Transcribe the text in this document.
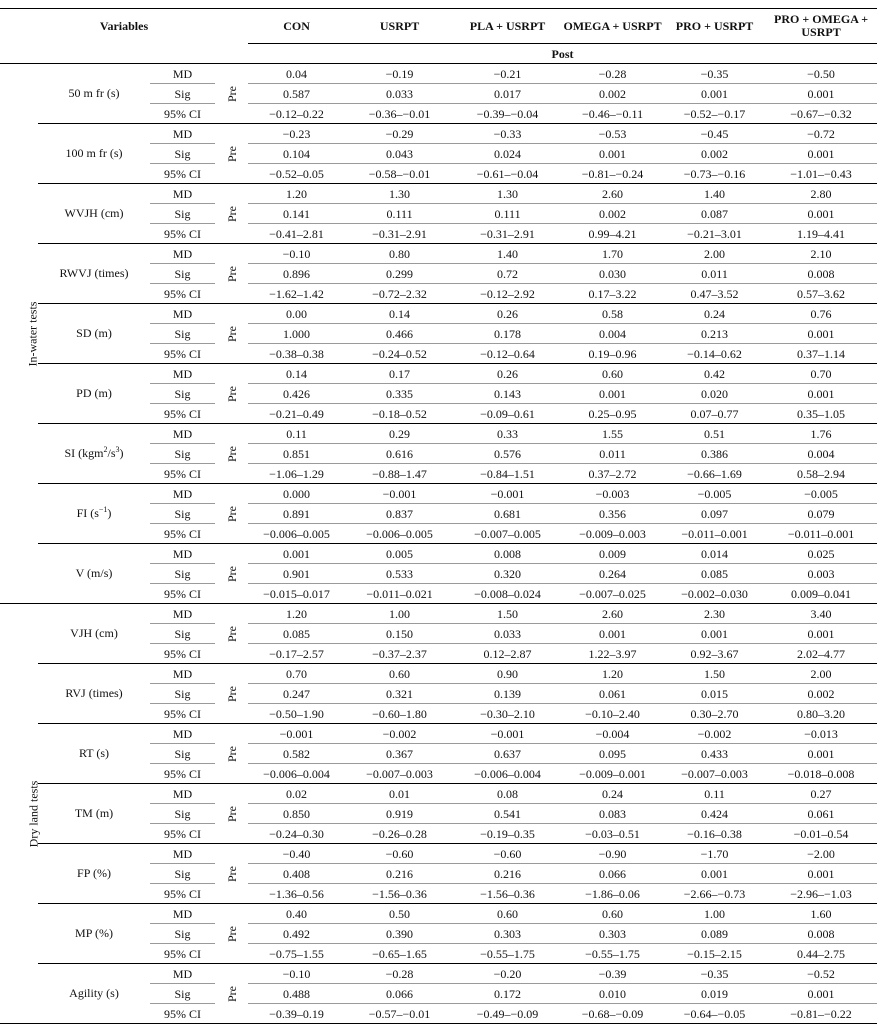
Variables				CON	USRPT	PLA + USRPT	OMEGA + USRPT	PRO + USRPT	PRO + OMEGA + USRPT
				Post					
In-water tests	50 m fr (s)	MD	Pre	0.04	−0.19	−0.21	−0.28	−0.35	−0.50
		Sig		0.587	0.033	0.017	0.002	0.001	0.001
		95% CI		−0.12–0.22	−0.36–−0.01	−0.39–−0.04	−0.46–−0.11	−0.52–−0.17	−0.67–−0.32
	100 m fr (s)	MD	Pre	−0.23	−0.29	−0.33	−0.53	−0.45	−0.72
		Sig		0.104	0.043	0.024	0.001	0.002	0.001
		95% CI		−0.52–0.05	−0.58–−0.01	−0.61–−0.04	−0.81–−0.24	−0.73–−0.16	−1.01–−0.43
	WVJH (cm)	MD	Pre	1.20	1.30	1.30	2.60	1.40	2.80
		Sig		0.141	0.111	0.111	0.002	0.087	0.001
		95% CI		−0.41–2.81	−0.31–2.91	−0.31–2.91	0.99–4.21	−0.21–3.01	1.19–4.41
	RWVJ (times)	MD	Pre	−0.10	0.80	1.40	1.70	2.00	2.10
		Sig		0.896	0.299	0.72	0.030	0.011	0.008
		95% CI		−1.62–1.42	−0.72–2.32	−0.12–2.92	0.17–3.22	0.47–3.52	0.57–3.62
	SD (m)	MD	Pre	0.00	0.14	0.26	0.58	0.24	0.76
		Sig		1.000	0.466	0.178	0.004	0.213	0.001
		95% CI		−0.38–0.38	−0.24–0.52	−0.12–0.64	0.19–0.96	−0.14–0.62	0.37–1.14
	PD (m)	MD	Pre	0.14	0.17	0.26	0.60	0.42	0.70
		Sig		0.426	0.335	0.143	0.001	0.020	0.001
		95% CI		−0.21–0.49	−0.18–0.52	−0.09–0.61	0.25–0.95	0.07–0.77	0.35–1.05
	SI $(kgm^2/s^3)$	MD	Pre	0.11	0.29	0.33	1.55	0.51	1.76
		Sig		0.851	0.616	0.576	0.011	0.386	0.004
		95% CI		−1.06–1.29	−0.88–1.47	−0.84–1.51	0.37–2.72	−0.66–1.69	0.58–2.94
	FI $(s^{-1})$	MD	Pre	0.000	−0.001	−0.001	−0.003	−0.005	−0.005
		Sig		0.891	0.837	0.681	0.356	0.097	0.079
		95% CI		−0.006–0.005	−0.006–0.005	−0.007–0.005	−0.009–0.003	−0.011–0.001	−0.011–0.001
	V (m/s)	MD	Pre	0.001	0.005	0.008	0.009	0.014	0.025
		Sig		0.901	0.533	0.320	0.264	0.085	0.003
		95% CI		−0.015–0.017	−0.011–0.021	−0.008–0.024	−0.007–0.025	−0.002–0.030	0.009–0.041
Dry land tests	VJH (cm)	MD	Pre	1.20	1.00	1.50	2.60	2.30	3.40
		Sig		0.085	0.150	0.033	0.001	0.001	0.001
		95% CI		−0.17–2.57	−0.37–2.37	0.12–2.87	1.22–3.97	0.92–3.67	2.02–4.77
	RVJ (times)	MD	Pre	0.70	0.60	0.90	1.20	1.50	2.00
		Sig		0.247	0.321	0.139	0.061	0.015	0.002
		95% CI		−0.50–1.90	−0.60–1.80	−0.30–2.10	−0.10–2.40	0.30–2.70	0.80–3.20
	RT (s)	MD	Pre	−0.001	−0.002	−0.001	−0.004	−0.002	−0.013
		Sig		0.582	0.367	0.637	0.095	0.433	0.001
		95% CI		−0.006–0.004	−0.007–0.003	−0.006–0.004	−0.009–0.001	−0.007–0.003	−0.018–0.008
	TM (m)	MD	Pre	0.02	0.01	0.08	0.24	0.11	0.27
		Sig		0.850	0.919	0.541	0.083	0.424	0.061
		95% CI		−0.24–0.30	−0.26–0.28	−0.19–0.35	−0.03–0.51	−0.16–0.38	−0.01–0.54
	FP (%)	MD	Pre	−0.40	−0.60	−0.60	−0.90	−1.70	−2.00
		Sig		0.408	0.216	0.216	0.066	0.001	0.001
		95% CI		−1.36–0.56	−1.56–0.36	−1.56–0.36	−1.86–0.06	−2.66–−0.73	−2.96–−1.03
	MP (%)	MD	Pre	0.40	0.50	0.60	0.60	1.00	1.60
		Sig		0.492	0.390	0.303	0.303	0.089	0.008
		95% CI		−0.75–1.55	−0.65–1.65	−0.55–1.75	−0.55–1.75	−0.15–2.15	0.44–2.75
	Agility (s)	MD	Pre	−0.10	−0.28	−0.20	−0.39	−0.35	−0.52
		Sig		0.488	0.066	0.172	0.010	0.019	0.001
		95% CI		−0.39–0.19	−0.57–−0.01	−0.49–−0.09	−0.68–−0.09	−0.64–−0.05	−0.81–−0.22
